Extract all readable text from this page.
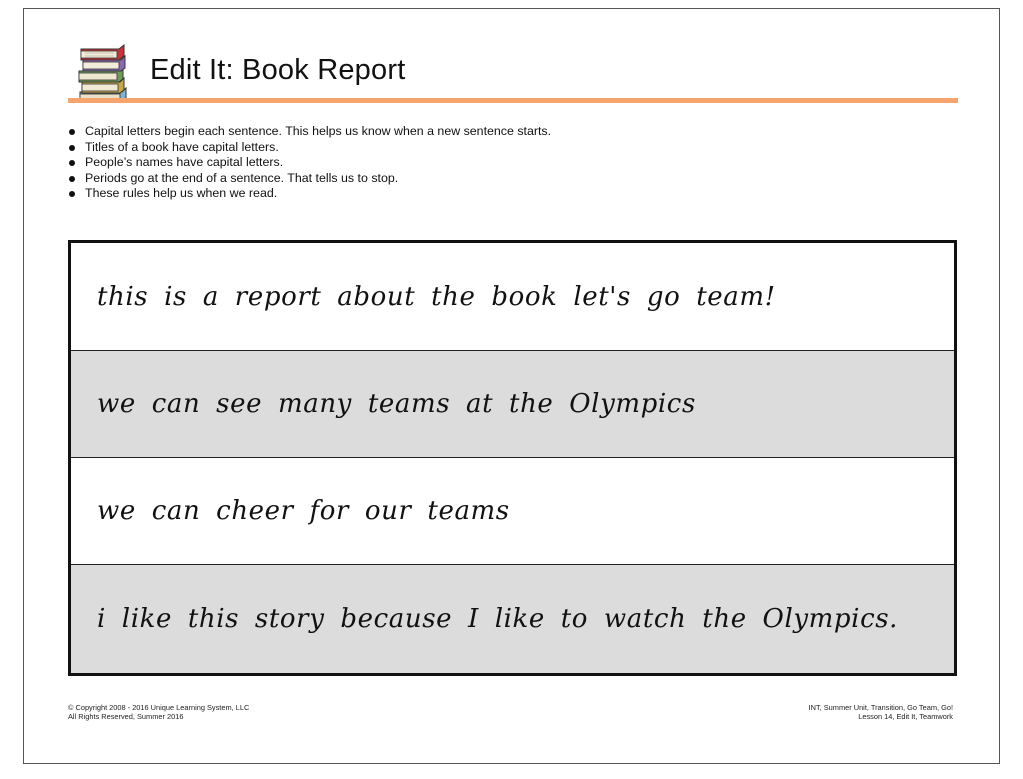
Edit It: Book Report
Capital letters begin each sentence. This helps us know when a new sentence starts.
Titles of a book have capital letters.
People’s names have capital letters.
Periods go at the end of a sentence. That tells us to stop.
These rules help us when we read.
this is a report about the book let's go team!
we can see many teams at the Olympics
we can cheer for our teams
i like this story because I like to watch the Olympics.
© Copyright 2008 - 2016 Unique Learning System, LLC
All Rights Reserved, Summer 2016
INT, Summer Unit, Transition, Go Team, Go!
Lesson 14, Edit It, Teamwork
